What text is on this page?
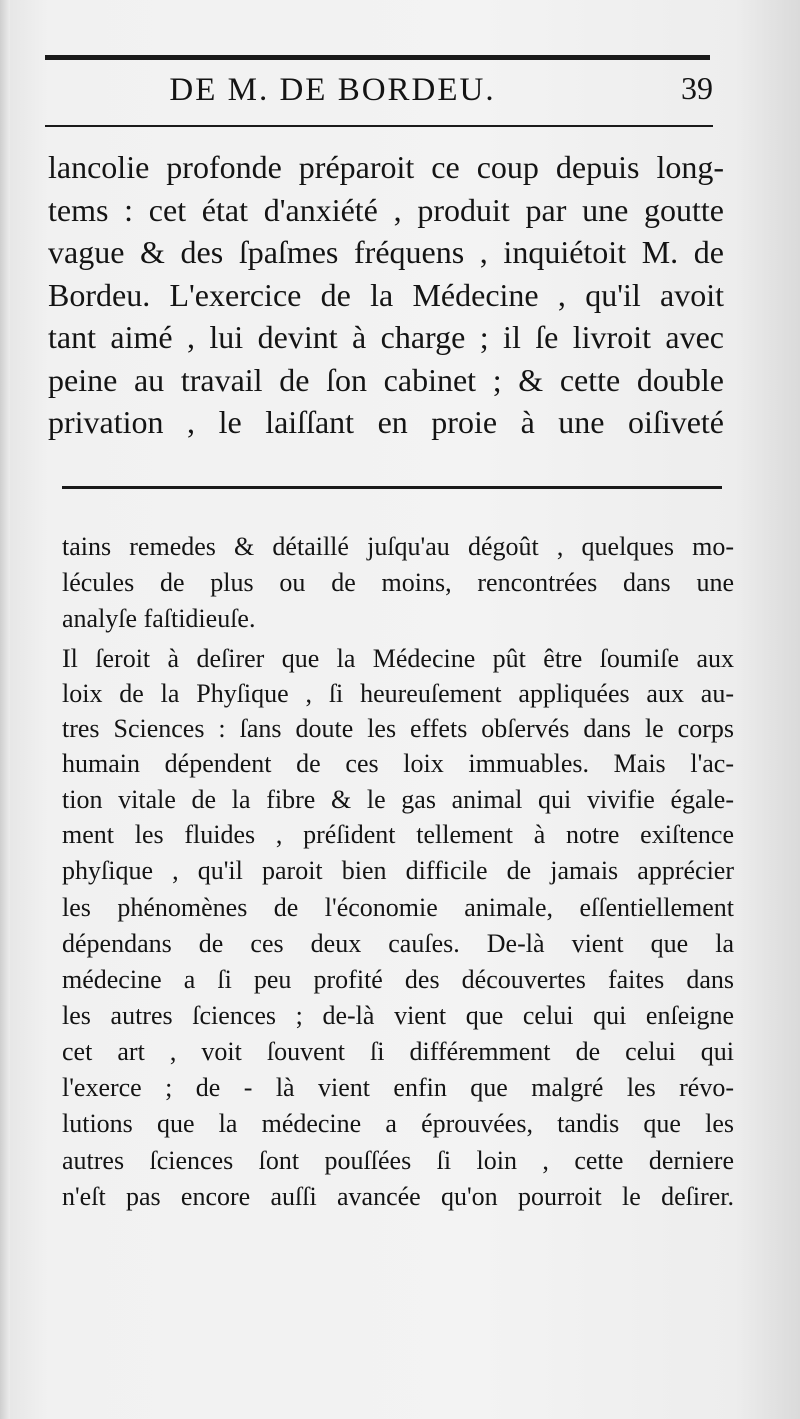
DE M. DE BORDEU.	39

lancolie profonde préparoit ce coup depuis long-

tems : cet état d'anxiété , produit par une goutte

vague & des ſpaſmes fréquens , inquiétoit M. de

Bordeu. L'exercice de la Médecine , qu'il avoit

tant aimé , lui devint à charge ; il ſe livroit avec

peine au travail de ſon cabinet ; & cette double

privation , le laiſſant en proie à une oiſiveté

tains remedes & détaillé juſqu'au dégoût , quelques mo-

lécules de plus ou de moins, rencontrées dans une

analyſe faſtidieuſe.

Il ſeroit à deſirer que la Médecine pût être ſoumiſe aux

loix de la Phyſique , ſi heureuſement appliquées aux au-

tres Sciences : ſans doute les effets obſervés dans le corps

humain dépendent de ces loix immuables. Mais l'ac-

tion vitale de la fibre & le gas animal qui vivifie égale-

ment les fluides , préſident tellement à notre exiſtence

phyſique , qu'il paroit bien difficile de jamais apprécier

les phénomènes de l'économie animale, eſſentiellement

dépendans de ces deux cauſes. De-là vient que la

médecine a ſi peu profité des découvertes faites dans

les autres ſciences ; de-là vient que celui qui enſeigne

cet art , voit ſouvent ſi différemment de celui qui

l'exerce ; de - là vient enfin que malgré les révo-

lutions que la médecine a éprouvées, tandis que les

autres ſciences ſont pouſſées ſi loin , cette derniere

n'eſt pas encore auſſi avancée qu'on pourroit le deſirer.
